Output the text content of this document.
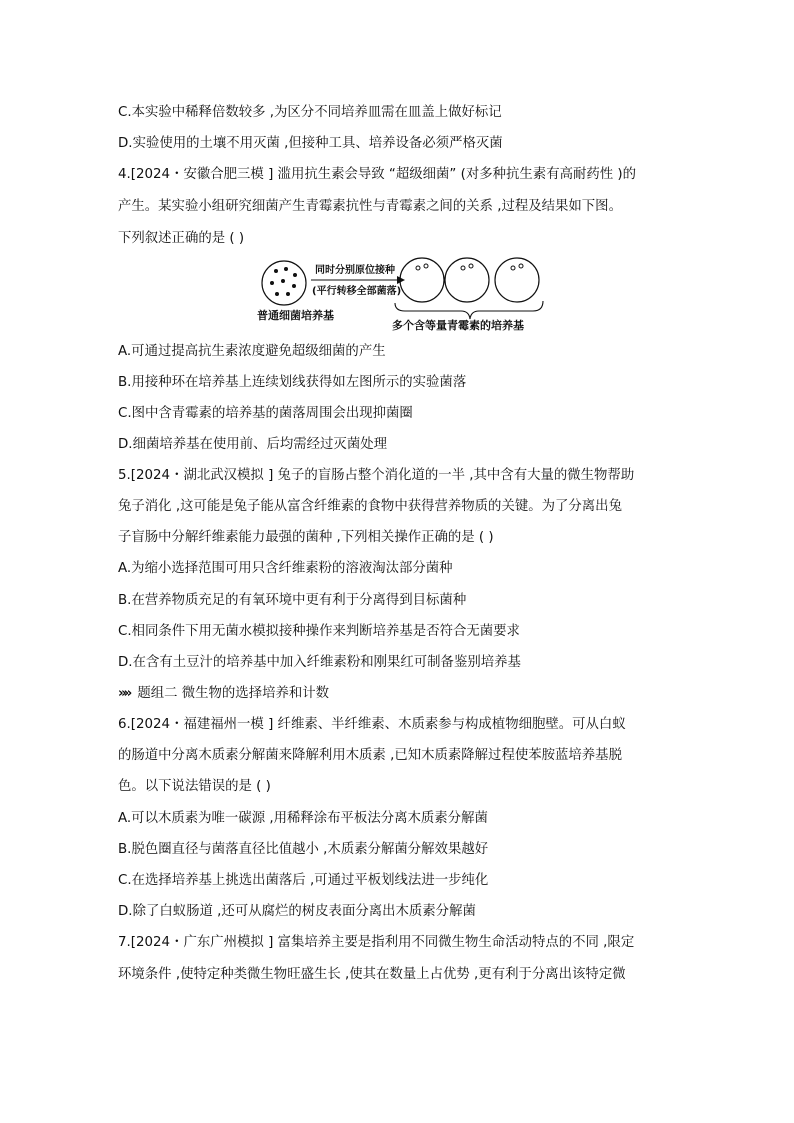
C.本实验中稀释倍数较多 ,为区分不同培养皿需在皿盖上做好标记

D.实验使用的土壤不用灭菌 ,但接种工具、培养设备必须严格灭菌

4.[2024・安徽合肥三模 ] 滥用抗生素会导致 “超级细菌” (对多种抗生素有高耐药性 )的

产生。某实验小组研究细菌产生青霉素抗性与青霉素之间的关系 ,过程及结果如下图。

下列叙述正确的是 ( )

同时分别原位接种
(平行转移全部菌落)
普通细菌培养基
多个含等量青霉素的培养基

A.可通过提高抗生素浓度避免超级细菌的产生

B.用接种环在培养基上连续划线获得如左图所示的实验菌落

C.图中含青霉素的培养基的菌落周围会出现抑菌圈

D.细菌培养基在使用前、后均需经过灭菌处理

5.[2024・湖北武汉模拟 ] 兔子的盲肠占整个消化道的一半 ,其中含有大量的微生物帮助

兔子消化 ,这可能是兔子能从富含纤维素的食物中获得营养物质的关键。为了分离出兔

子盲肠中分解纤维素能力最强的菌种 ,下列相关操作正确的是 ( )

A.为缩小选择范围可用只含纤维素粉的溶液淘汰部分菌种

B.在营养物质充足的有氧环境中更有利于分离得到目标菌种

C.相同条件下用无菌水模拟接种操作来判断培养基是否符合无菌要求

D.在含有土豆汁的培养基中加入纤维素粉和刚果红可制备鉴别培养基

»» 题组二 微生物的选择培养和计数

6.[2024・福建福州一模 ] 纤维素、半纤维素、木质素参与构成植物细胞壁。可从白蚁

的肠道中分离木质素分解菌来降解利用木质素 ,已知木质素降解过程使苯胺蓝培养基脱

色。以下说法错误的是 ( )

A.可以木质素为唯一碳源 ,用稀释涂布平板法分离木质素分解菌

B.脱色圈直径与菌落直径比值越小 ,木质素分解菌分解效果越好

C.在选择培养基上挑选出菌落后 ,可通过平板划线法进一步纯化

D.除了白蚁肠道 ,还可从腐烂的树皮表面分离出木质素分解菌

7.[2024・广东广州模拟 ] 富集培养主要是指利用不同微生物生命活动特点的不同 ,限定

环境条件 ,使特定种类微生物旺盛生长 ,使其在数量上占优势 ,更有利于分离出该特定微
